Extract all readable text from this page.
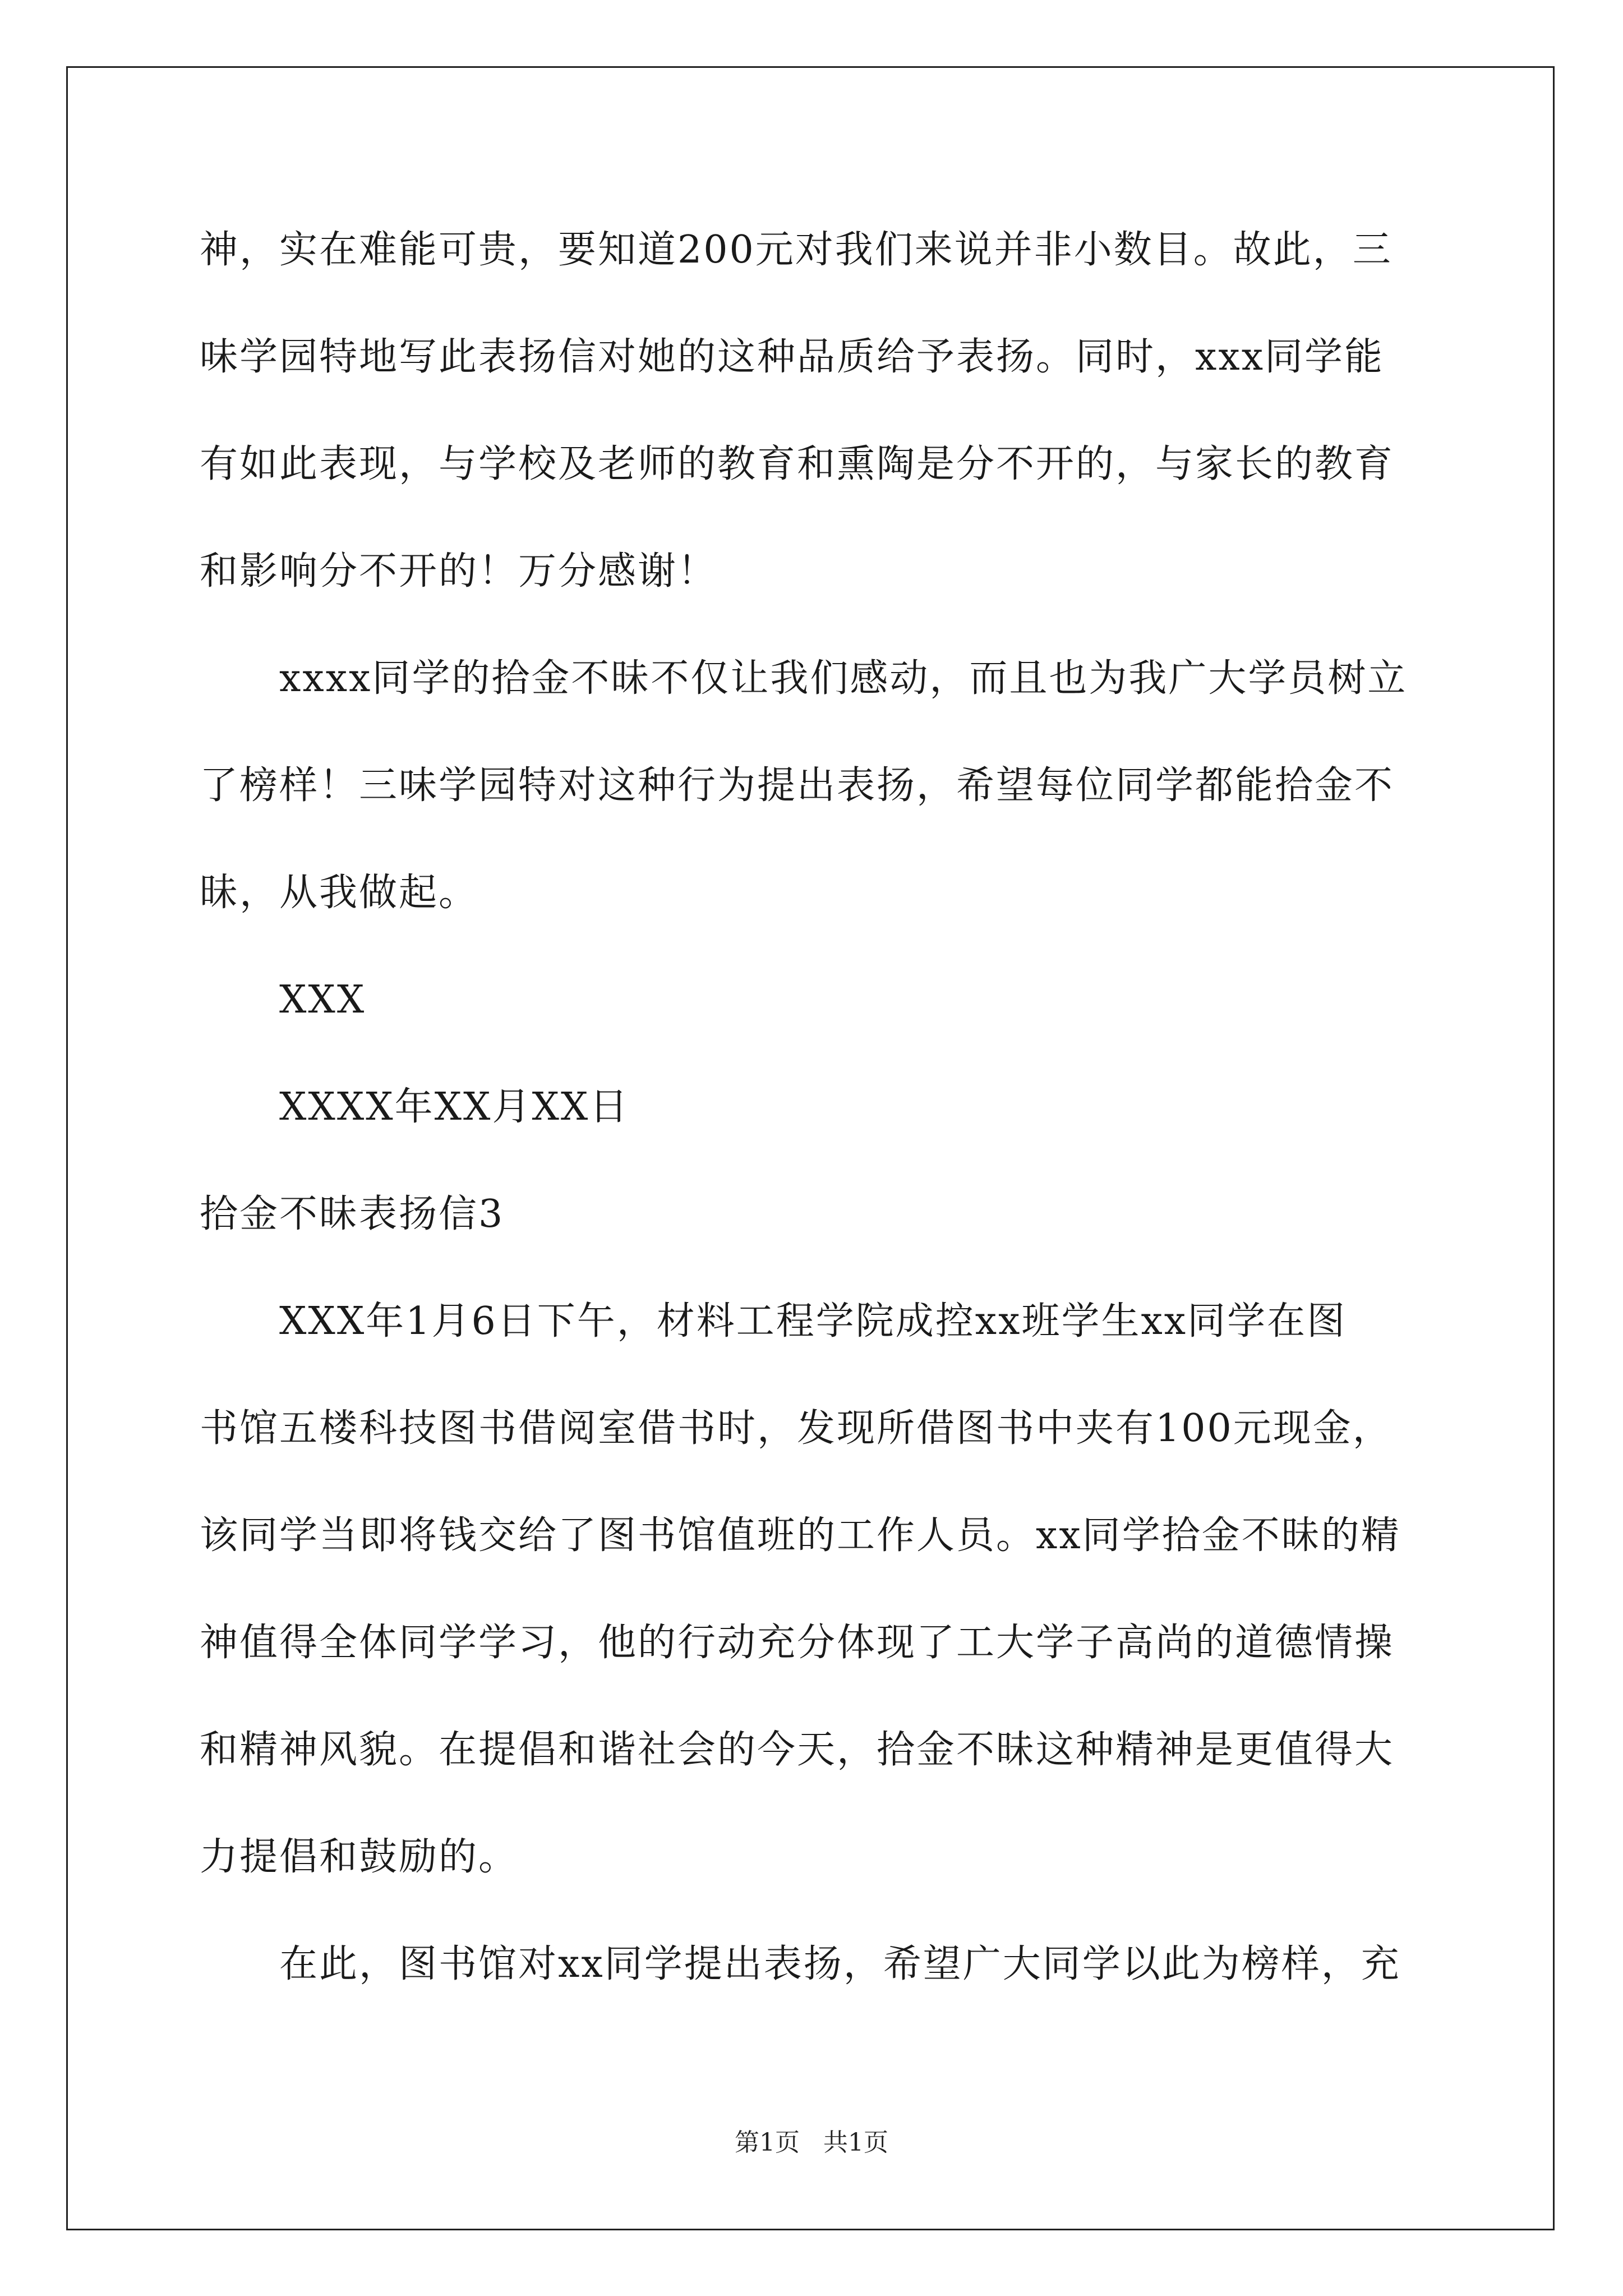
神，实在难能可贵，要知道200元对我们来说并非小数目。故此，三
味学园特地写此表扬信对她的这种品质给予表扬。同时，xxx同学能
有如此表现，与学校及老师的教育和熏陶是分不开的，与家长的教育
和影响分不开的！万分感谢！
xxxx同学的拾金不昧不仅让我们感动，而且也为我广大学员树立
了榜样！三味学园特对这种行为提出表扬，希望每位同学都能拾金不
昧，从我做起。
XXX
XXXX年XX月XX日
拾金不昧表扬信3
XXX年1月6日下午，材料工程学院成控xx班学生xx同学在图
书馆五楼科技图书借阅室借书时，发现所借图书中夹有100元现金，
该同学当即将钱交给了图书馆值班的工作人员。xx同学拾金不昧的精
神值得全体同学学习，他的行动充分体现了工大学子高尚的道德情操
和精神风貌。在提倡和谐社会的今天，拾金不昧这种精神是更值得大
力提倡和鼓励的。
在此，图书馆对xx同学提出表扬，希望广大同学以此为榜样，充
第1页   共1页
